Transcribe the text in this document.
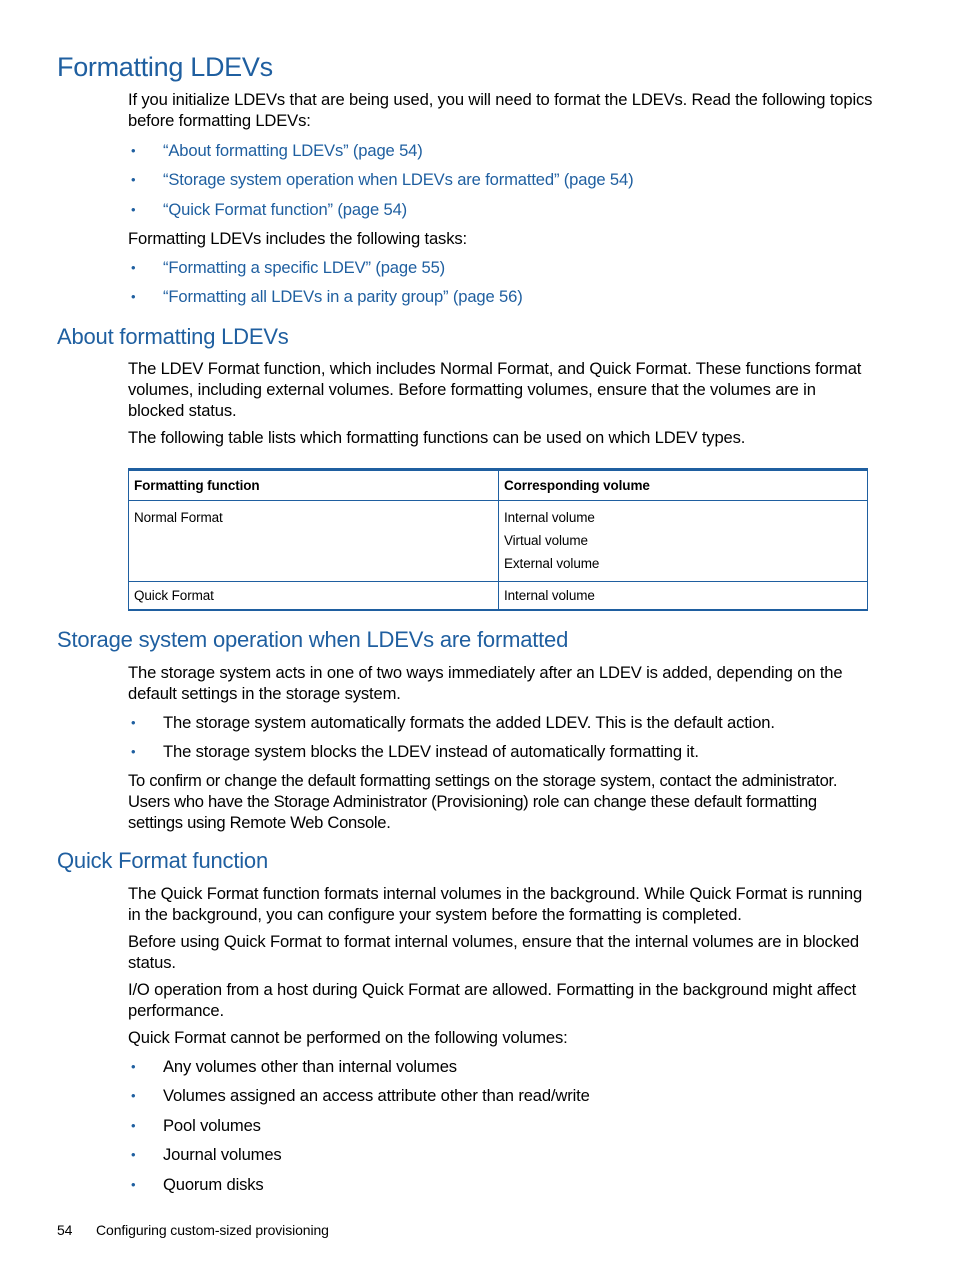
Formatting LDEVs

If you initialize LDEVs that are being used, you will need to format the LDEVs. Read the following topics before formatting LDEVs:

• “About formatting LDEVs” (page 54)
• “Storage system operation when LDEVs are formatted” (page 54)
• “Quick Format function” (page 54)

Formatting LDEVs includes the following tasks:

• “Formatting a specific LDEV” (page 55)
• “Formatting all LDEVs in a parity group” (page 56)
About formatting LDEVs

The LDEV Format function, which includes Normal Format, and Quick Format. These functions format volumes, including external volumes. Before formatting volumes, ensure that the volumes are in blocked status.

The following table lists which formatting functions can be used on which LDEV types.

Formatting function	Corresponding volume

Normal Format	Internal volume
Virtual volume
External volume

Quick Format	Internal volume
Storage system operation when LDEVs are formatted

The storage system acts in one of two ways immediately after an LDEV is added, depending on the default settings in the storage system.

• The storage system automatically formats the added LDEV. This is the default action.
• The storage system blocks the LDEV instead of automatically formatting it.

To confirm or change the default formatting settings on the storage system, contact the administrator. Users who have the Storage Administrator (Provisioning) role can change these default formatting settings using Remote Web Console.

Quick Format function

The Quick Format function formats internal volumes in the background. While Quick Format is running in the background, you can configure your system before the formatting is completed.

Before using Quick Format to format internal volumes, ensure that the internal volumes are in blocked status.

I/O operation from a host during Quick Format are allowed. Formatting in the background might affect performance.

Quick Format cannot be performed on the following volumes:

• Any volumes other than internal volumes
• Volumes assigned an access attribute other than read/write
• Pool volumes
• Journal volumes
• Quorum disks
54 Configuring custom-sized provisioning
